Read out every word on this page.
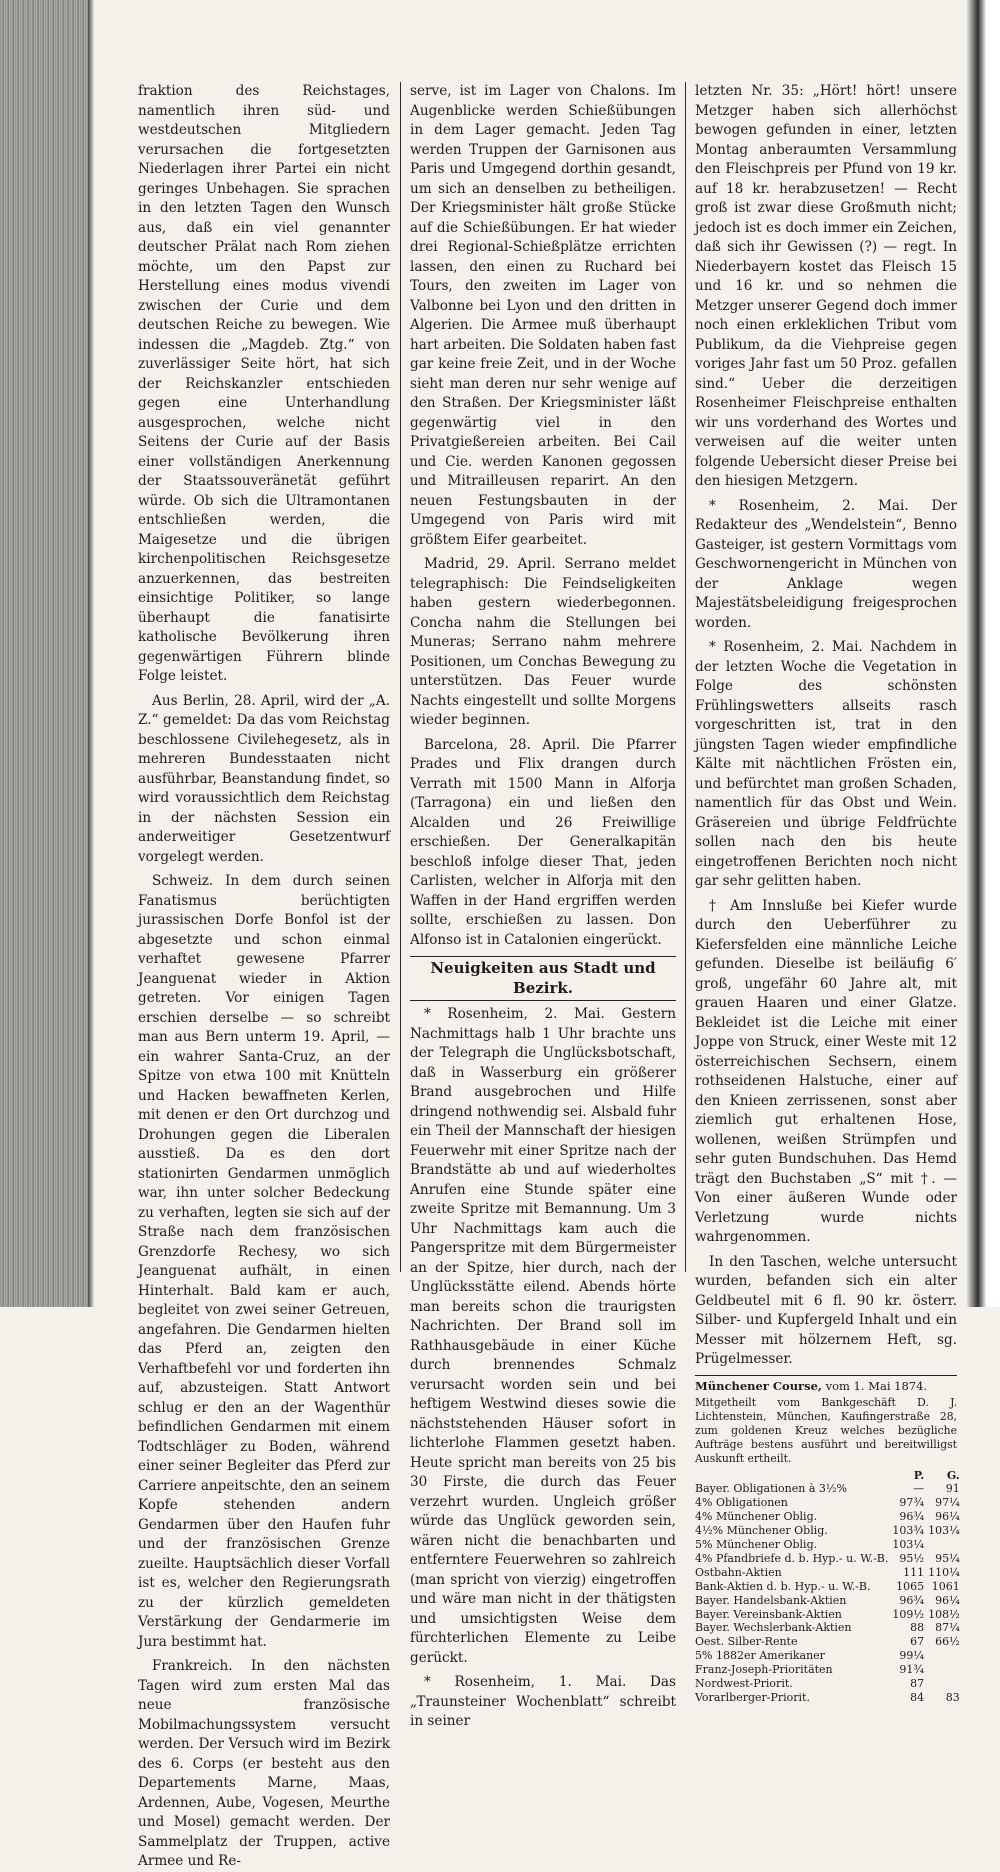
fraktion des Reichstages, namentlich ihren süd- und westdeutschen Mitgliedern verursachen die fortgesetzten Niederlagen ihrer Partei ein nicht geringes Unbehagen. Sie sprachen in den letzten Tagen den Wunsch aus, daß ein viel genannter deutscher Prälat nach Rom ziehen möchte, um den Papst zur Herstellung eines modus vivendi zwischen der Curie und dem deutschen Reiche zu bewegen. Wie indessen die „Magdeb. Ztg.“ von zuverlässiger Seite hört, hat sich der Reichskanzler entschieden gegen eine Unterhandlung ausgesprochen, welche nicht Seitens der Curie auf der Basis einer vollständigen Anerkennung der Staatssouveränetät geführt würde. Ob sich die Ultramontanen entschließen werden, die Maigesetze und die übrigen kirchenpolitischen Reichsgesetze anzuerkennen, das bestreiten einsichtige Politiker, so lange überhaupt die fanatisirte katholische Bevölkerung ihren gegenwärtigen Führern blinde Folge leistet.

Aus Berlin, 28. April, wird der „A. Z.“ gemeldet: Da das vom Reichstag beschlossene Civilehegesetz, als in mehreren Bundesstaaten nicht ausführbar, Beanstandung findet, so wird voraussichtlich dem Reichstag in der nächsten Session ein anderweitiger Gesetzentwurf vorgelegt werden.

Schweiz. In dem durch seinen Fanatismus berüchtigten jurassischen Dorfe Bonfol ist der abgesetzte und schon einmal verhaftet gewesene Pfarrer Jeanguenat wieder in Aktion getreten. Vor einigen Tagen erschien derselbe — so schreibt man aus Bern unterm 19. April, — ein wahrer Santa-Cruz, an der Spitze von etwa 100 mit Knütteln und Hacken bewaffneten Kerlen, mit denen er den Ort durchzog und Drohungen gegen die Liberalen ausstieß. Da es den dort stationirten Gendarmen unmöglich war, ihn unter solcher Bedeckung zu verhaften, legten sie sich auf der Straße nach dem französischen Grenzdorfe Rechesy, wo sich Jeanguenat aufhält, in einen Hinterhalt. Bald kam er auch, begleitet von zwei seiner Getreuen, angefahren. Die Gendarmen hielten das Pferd an, zeigten den Verhaftbefehl vor und forderten ihn auf, abzusteigen. Statt Antwort schlug er den an der Wagenthür befindlichen Gendarmen mit einem Todtschläger zu Boden, während einer seiner Begleiter das Pferd zur Carriere anpeitschte, den an seinem Kopfe stehenden andern Gendarmen über den Haufen fuhr und der französischen Grenze zueilte. Hauptsächlich dieser Vorfall ist es, welcher den Regierungsrath zu der kürzlich gemeldeten Verstärkung der Gendarmerie im Jura bestimmt hat.

Frankreich. In den nächsten Tagen wird zum ersten Mal das neue französische Mobilmachungssystem versucht werden. Der Versuch wird im Bezirk des 6. Corps (er besteht aus den Departements Marne, Maas, Ardennen, Aube, Vogesen, Meurthe und Mosel) gemacht werden. Der Sammelplatz der Truppen, active Armee und Re-

serve, ist im Lager von Chalons. Im Augenblicke werden Schießübungen in dem Lager gemacht. Jeden Tag werden Truppen der Garnisonen aus Paris und Umgegend dorthin gesandt, um sich an denselben zu betheiligen. Der Kriegsminister hält große Stücke auf die Schießübungen. Er hat wieder drei Regional-Schießplätze errichten lassen, den einen zu Ruchard bei Tours, den zweiten im Lager von Valbonne bei Lyon und den dritten in Algerien. Die Armee muß überhaupt hart arbeiten. Die Soldaten haben fast gar keine freie Zeit, und in der Woche sieht man deren nur sehr wenige auf den Straßen. Der Kriegsminister läßt gegenwärtig viel in den Privatgießereien arbeiten. Bei Cail und Cie. werden Kanonen gegossen und Mitrailleusen reparirt. An den neuen Festungsbauten in der Umgegend von Paris wird mit größtem Eifer gearbeitet.

Madrid, 29. April. Serrano meldet telegraphisch: Die Feindseligkeiten haben gestern wiederbegonnen. Concha nahm die Stellungen bei Muneras; Serrano nahm mehrere Positionen, um Conchas Bewegung zu unterstützen. Das Feuer wurde Nachts eingestellt und sollte Morgens wieder beginnen.

Barcelona, 28. April. Die Pfarrer Prades und Flix drangen durch Verrath mit 1500 Mann in Alforja (Tarragona) ein und ließen den Alcalden und 26 Freiwillige erschießen. Der Generalkapitän beschloß infolge dieser That, jeden Carlisten, welcher in Alforja mit den Waffen in der Hand ergriffen werden sollte, erschießen zu lassen. Don Alfonso ist in Catalonien eingerückt.

Neuigkeiten aus Stadt und Bezirk.

* Rosenheim, 2. Mai. Gestern Nachmittags halb 1 Uhr brachte uns der Telegraph die Unglücksbotschaft, daß in Wasserburg ein größerer Brand ausgebrochen und Hilfe dringend nothwendig sei. Alsbald fuhr ein Theil der Mannschaft der hiesigen Feuerwehr mit einer Spritze nach der Brandstätte ab und auf wiederholtes Anrufen eine Stunde später eine zweite Spritze mit Bemannung. Um 3 Uhr Nachmittags kam auch die Pangerspritze mit dem Bürgermeister an der Spitze, hier durch, nach der Unglücksstätte eilend. Abends hörte man bereits schon die traurigsten Nachrichten. Der Brand soll im Rathhausgebäude in einer Küche durch brennendes Schmalz verursacht worden sein und bei heftigem Westwind dieses sowie die nächststehenden Häuser sofort in lichterlohe Flammen gesetzt haben. Heute spricht man bereits von 25 bis 30 Firste, die durch das Feuer verzehrt wurden. Ungleich größer würde das Unglück geworden sein, wären nicht die benachbarten und entferntere Feuerwehren so zahlreich (man spricht von vierzig) eingetroffen und wäre man nicht in der thätigsten und umsichtigsten Weise dem fürchterlichen Elemente zu Leibe gerückt.

* Rosenheim, 1. Mai. Das „Traunsteiner Wochenblatt“ schreibt in seiner

letzten Nr. 35: „Hört! hört! unsere Metzger haben sich allerhöchst bewogen gefunden in einer, letzten Montag anberaumten Versammlung den Fleischpreis per Pfund von 19 kr. auf 18 kr. herabzusetzen! — Recht groß ist zwar diese Großmuth nicht; jedoch ist es doch immer ein Zeichen, daß sich ihr Gewissen (?) — regt. In Niederbayern kostet das Fleisch 15 und 16 kr. und so nehmen die Metzger unserer Gegend doch immer noch einen erkleklichen Tribut vom Publikum, da die Viehpreise gegen voriges Jahr fast um 50 Proz. gefallen sind.“ Ueber die derzeitigen Rosenheimer Fleischpreise enthalten wir uns vorderhand des Wortes und verweisen auf die weiter unten folgende Uebersicht dieser Preise bei den hiesigen Metzgern.

* Rosenheim, 2. Mai. Der Redakteur des „Wendelstein“, Benno Gasteiger, ist gestern Vormittags vom Geschwornengericht in München von der Anklage wegen Majestätsbeleidigung freigesprochen worden.

* Rosenheim, 2. Mai. Nachdem in der letzten Woche die Vegetation in Folge des schönsten Frühlingswetters allseits rasch vorgeschritten ist, trat in den jüngsten Tagen wieder empfindliche Kälte mit nächtlichen Frösten ein, und befürchtet man großen Schaden, namentlich für das Obst und Wein. Gräsereien und übrige Feldfrüchte sollen nach den bis heute eingetroffenen Berichten noch nicht gar sehr gelitten haben.

† Am Innsluße bei Kiefer wurde durch den Ueberführer zu Kiefersfelden eine männliche Leiche gefunden. Dieselbe ist beiläufig 6′ groß, ungefähr 60 Jahre alt, mit grauen Haaren und einer Glatze. Bekleidet ist die Leiche mit einer Joppe von Struck, einer Weste mit 12 österreichischen Sechsern, einem rothseidenen Halstuche, einer auf den Knieen zerrissenen, sonst aber ziemlich gut erhaltenen Hose, wollenen, weißen Strümpfen und sehr guten Bundschuhen. Das Hemd trägt den Buchstaben „S“ mit †. — Von einer äußeren Wunde oder Verletzung wurde nichts wahrgenommen.

In den Taschen, welche untersucht wurden, befanden sich ein alter Geldbeutel mit 6 fl. 90 kr. österr. Silber- und Kupfergeld Inhalt und ein Messer mit hölzernem Heft, sg. Prügelmesser.

Münchener Course, vom 1. Mai 1874.
Mitgetheilt vom Bankgeschäft D. J. Lichtenstein, München, Kaufingerstraße 28, zum goldenen Kreuz welches bezügliche Aufträge bestens ausführt und bereitwilligst Auskunft ertheilt.
	P.	G.
Bayer. Obligationen à 3½%	—	91
4% Obligationen	97¾	97¼
4% Münchener Oblig.	96¾	96¼
4½% Münchener Oblig.	103¾	103¼
5% Münchener Oblig.	103¼	
4% Pfandbriefe d. b. Hyp.- u. W.-B.	95½	95¼
Ostbahn-Aktien	111	110¼
Bank-Aktien d. b. Hyp.- u. W.-B.	1065	1061
Bayer. Handelsbank-Aktien	96¾	96¼
Bayer. Vereinsbank-Aktien	109½	108½
Bayer. Wechslerbank-Aktien	88	87¼
Oest. Silber-Rente	67	66½
5% 1882er Amerikaner	99¼	
Franz-Joseph-Prioritäten	91¾	
Nordwest-Priorit.	87	
Vorarlberger-Priorit.	84	83
